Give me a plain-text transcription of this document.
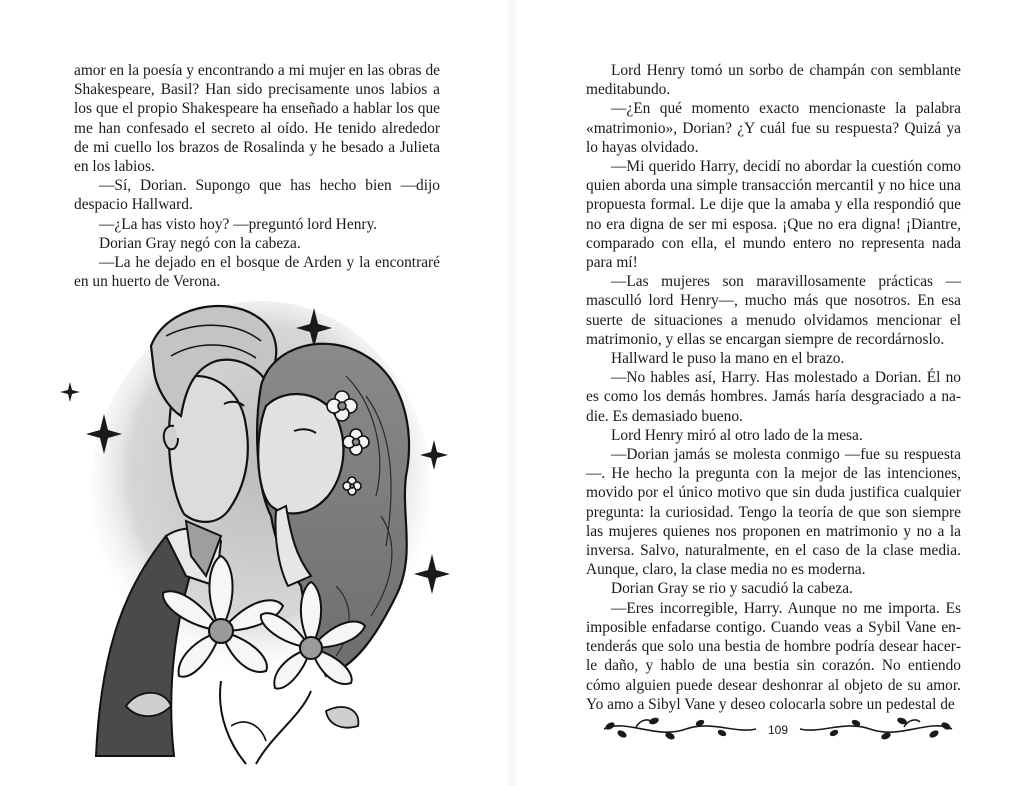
amor en la poesía y encontrando a mi mujer en las obras de Shakespeare, Basil? Han sido precisamente unos labios a los que el propio Shakespeare ha enseñado a hablar los que me han confesado el secreto al oído. He tenido alrededor de mi cuello los brazos de Rosalinda y he besado a Julieta en los labios.

—Sí, Dorian. Supongo que has hecho bien —dijo despacio Hallward.

—¿La has visto hoy? —preguntó lord Henry.

Dorian Gray negó con la cabeza.

—La he dejado en el bosque de Arden y la encontraré en un huerto de Verona.

Lord Henry tomó un sorbo de champán con semblante meditabundo.

—¿En qué momento exacto mencionaste la palabra «matrimonio», Dorian? ¿Y cuál fue su respuesta? Quizá ya lo hayas olvidado.

—Mi querido Harry, decidí no abordar la cuestión como quien aborda una simple transacción mercantil y no hice una propuesta formal. Le dije que la amaba y ella respondió que no era digna de ser mi esposa. ¡Que no era digna! ¡Diantre, comparado con ella, el mundo entero no representa nada para mí!

—Las mujeres son maravillosamente prácticas —masculló lord Henry—, mucho más que nosotros. En esa suerte de situaciones a menudo olvidamos mencionar el matrimonio, y ellas se encargan siempre de recordárnoslo.

Hallward le puso la mano en el brazo.

—No hables así, Harry. Has molestado a Dorian. Él no es como los demás hombres. Jamás haría desgraciado a nadie. Es demasiado bueno.

Lord Henry miró al otro lado de la mesa.

—Dorian jamás se molesta conmigo —fue su respuesta—. He hecho la pregunta con la mejor de las intenciones, movido por el único motivo que sin duda justifica cualquier pregunta: la curiosidad. Tengo la teoría de que son siempre las mujeres quienes nos proponen en matrimonio y no a la inversa. Salvo, naturalmente, en el caso de la clase media. Aunque, claro, la clase media no es moderna.

Dorian Gray se rio y sacudió la cabeza.

—Eres incorregible, Harry. Aunque no me importa. Es imposible enfadarse contigo. Cuando veas a Sybil Vane entenderás que solo una bestia de hombre podría desear hacerle daño, y hablo de una bestia sin corazón. No entiendo cómo alguien puede desear deshonrar al objeto de su amor. Yo amo a Sibyl Vane y deseo colocarla sobre un pedestal de

109
